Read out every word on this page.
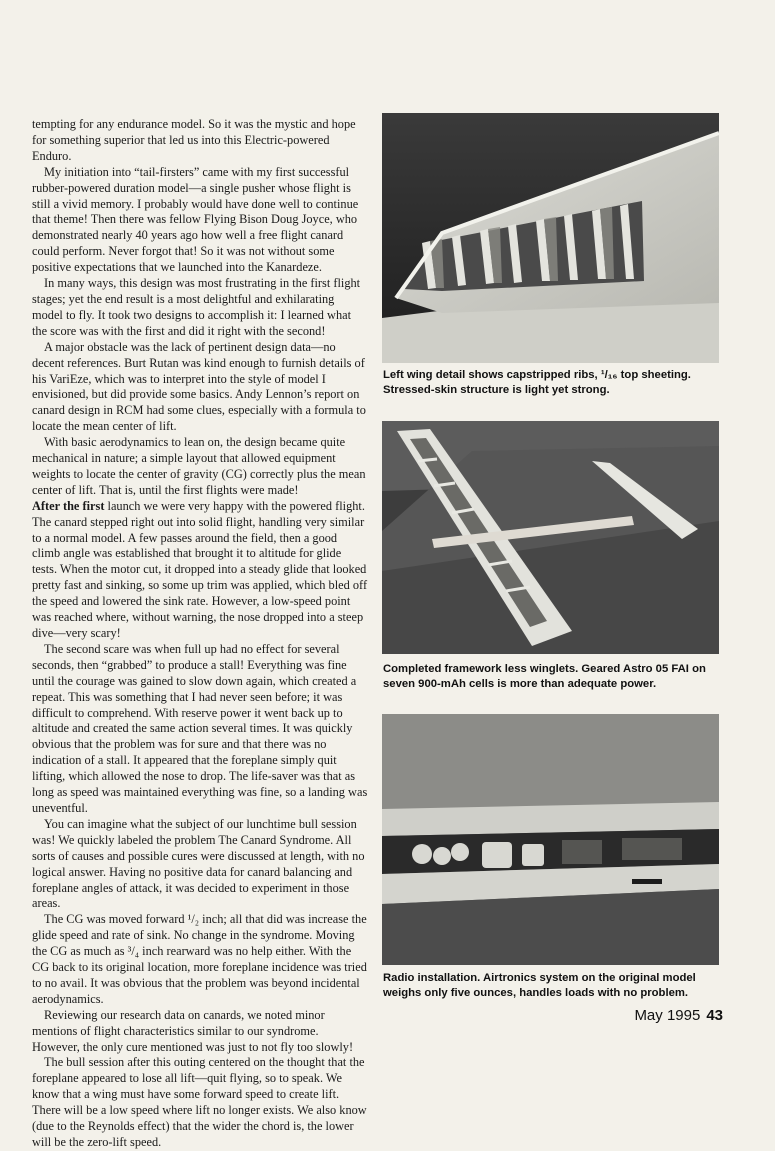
tempting for any endurance model. So it was the mystic and hope for something superior that led us into this Electric-powered Enduro.

My initiation into “tail-firsters” came with my first successful rubber-powered duration model—a single pusher whose flight is still a vivid memory. I probably would have done well to continue that theme! Then there was fellow Flying Bison Doug Joyce, who demonstrated nearly 40 years ago how well a free flight canard could perform. Never forgot that! So it was not without some positive expectations that we launched into the Kanardeze.

In many ways, this design was most frustrating in the first flight stages; yet the end result is a most delightful and exhilarating model to fly. It took two designs to accomplish it: I learned what the score was with the first and did it right with the second!

A major obstacle was the lack of pertinent design data—no decent references. Burt Rutan was kind enough to furnish details of his VariEze, which was to interpret into the style of model I envisioned, but did provide some basics. Andy Lennon’s report on canard design in RCM had some clues, especially with a formula to locate the mean center of lift.

With basic aerodynamics to lean on, the design became quite mechanical in nature; a simple layout that allowed equipment weights to locate the center of gravity (CG) correctly plus the mean center of lift. That is, until the first flights were made!

After the first launch we were very happy with the powered flight. The canard stepped right out into solid flight, handling very similar to a normal model. A few passes around the field, then a good climb angle was established that brought it to altitude for glide tests. When the motor cut, it dropped into a steady glide that looked pretty fast and sinking, so some up trim was applied, which bled off the speed and lowered the sink rate. However, a low-speed point was reached where, without warning, the nose dropped into a steep dive—very scary!

The second scare was when full up had no effect for several seconds, then “grabbed” to produce a stall! Everything was fine until the courage was gained to slow down again, which created a repeat. This was something that I had never seen before; it was difficult to comprehend. With reserve power it went back up to altitude and created the same action several times. It was quickly obvious that the problem was for sure and that there was no indication of a stall. It appeared that the foreplane simply quit lifting, which allowed the nose to drop. The life-saver was that as long as speed was maintained everything was fine, so a landing was uneventful.

You can imagine what the subject of our lunchtime bull session was! We quickly labeled the problem The Canard Syndrome. All sorts of causes and possible cures were discussed at length, with no logical answer. Having no positive data for canard balancing and foreplane angles of attack, it was decided to experiment in those areas.

The CG was moved forward ¹/₂ inch; all that did was increase the glide speed and rate of sink. No change in the syndrome. Moving the CG as much as ³/₄ inch rearward was no help either. With the CG back to its original location, more foreplane incidence was tried to no avail. It was obvious that the problem was beyond incidental aerodynamics.

Reviewing our research data on canards, we noted minor mentions of flight characteristics similar to our syndrome. However, the only cure mentioned was just to not fly too slowly!

The bull session after this outing centered on the thought that the foreplane appeared to lose all lift—quit flying, so to speak. We know that a wing must have some forward speed to create lift. There will be a low speed where lift no longer exists. We also know (due to the Reynolds effect) that the wider the chord is, the lower will be the zero-lift speed.

Left wing detail shows capstripped ribs, ¹/₁₆ top sheeting. Stressed-skin structure is light yet strong.
Completed framework less winglets. Geared Astro 05 FAI on seven 900-mAh cells is more than adequate power.
Radio installation. Airtronics system on the original model weighs only five ounces, handles loads with no problem.
May 1995 43
